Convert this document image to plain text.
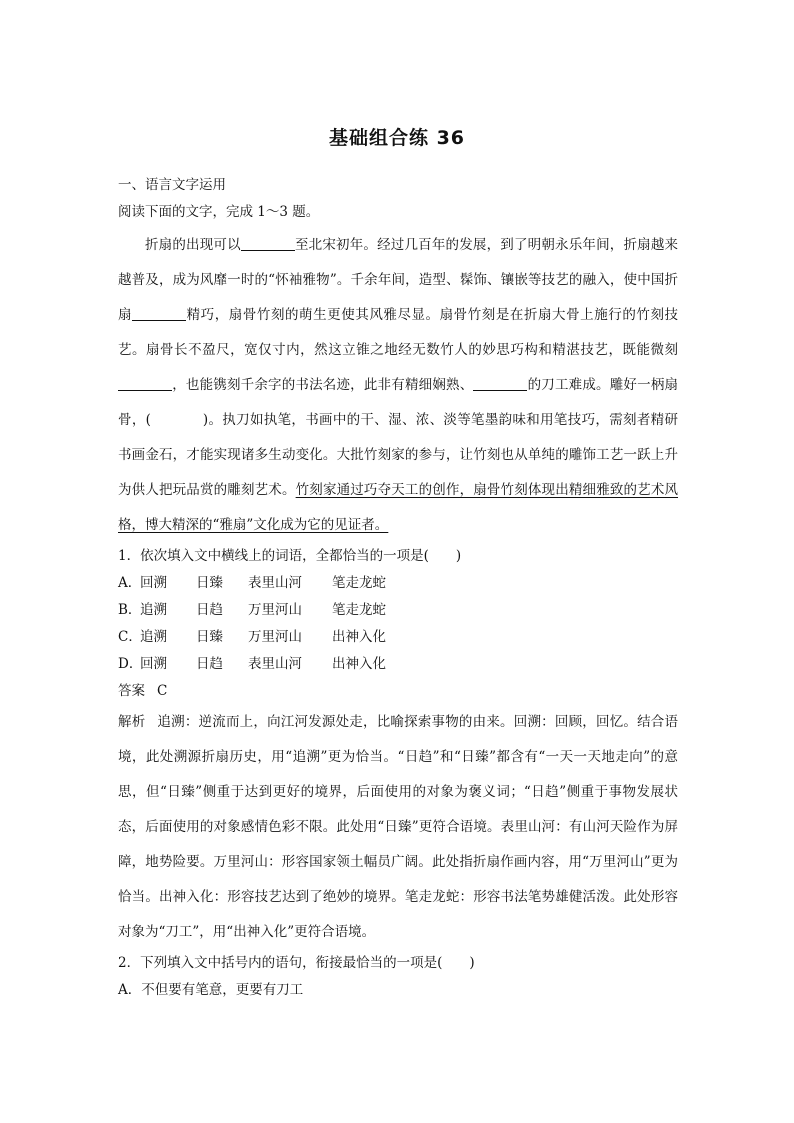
基础组合练 36
一、语言文字运用
阅读下面的文字，完成 1～3 题。

折扇的出现可以	至北宋初年。经过几百年的发展，到了明朝永乐年间，折扇越来越普及，成为风靡一时的“怀袖雅物”。千余年间，造型、髹饰、镶嵌等技艺的融入，使中国折扇	精巧，扇骨竹刻的萌生更使其风雅尽显。扇骨竹刻是在折扇大骨上施行的竹刻技艺。扇骨长不盈尺，宽仅寸内，然这立锥之地经无数竹人的妙思巧构和精湛技艺，既能微刻，也能镌刻千余字的书法名迹，此非有精细娴熟、	的刀工难成。雕好一柄扇骨，(	)。执刀如执笔，书画中的干、湿、浓、淡等笔墨韵味和用笔技巧，需刻者精研书画金石，才能实现诸多生动变化。大批竹刻家的参与，让竹刻也从单纯的雕饰工艺一跃上升为供人把玩品赏的雕刻艺术。竹刻家通过巧夺天工的创作，扇骨竹刻体现出精细雅致的艺术风格，博大精深的“雅扇”文化成为它的见证者。

1．依次填入文中横线上的词语，全都恰当的一项是(　　)
A．回溯 日臻 表里山河 笔走龙蛇
B．追溯 日趋 万里河山 笔走龙蛇
C．追溯 日臻 万里河山 出神入化
D．回溯 日趋 表里山河 出神入化
答案 C

解析 追溯：逆流而上，向江河发源处走，比喻探索事物的由来。回溯：回顾，回忆。结合语境，此处溯源折扇历史，用“追溯”更为恰当。“日趋”和“日臻”都含有“一天一天地走向”的意思，但“日臻”侧重于达到更好的境界，后面使用的对象为褒义词；“日趋”侧重于事物发展状态，后面使用的对象感情色彩不限。此处用“日臻”更符合语境。表里山河：有山河天险作为屏障，地势险要。万里河山：形容国家领土幅员广阔。此处指折扇作画内容，用“万里河山”更为恰当。出神入化：形容技艺达到了绝妙的境界。笔走龙蛇：形容书法笔势雄健活泼。此处形容对象为“刀工”，用“出神入化”更符合语境。

2．下列填入文中括号内的语句，衔接最恰当的一项是(　　)
A．不但要有笔意，更要有刀工
